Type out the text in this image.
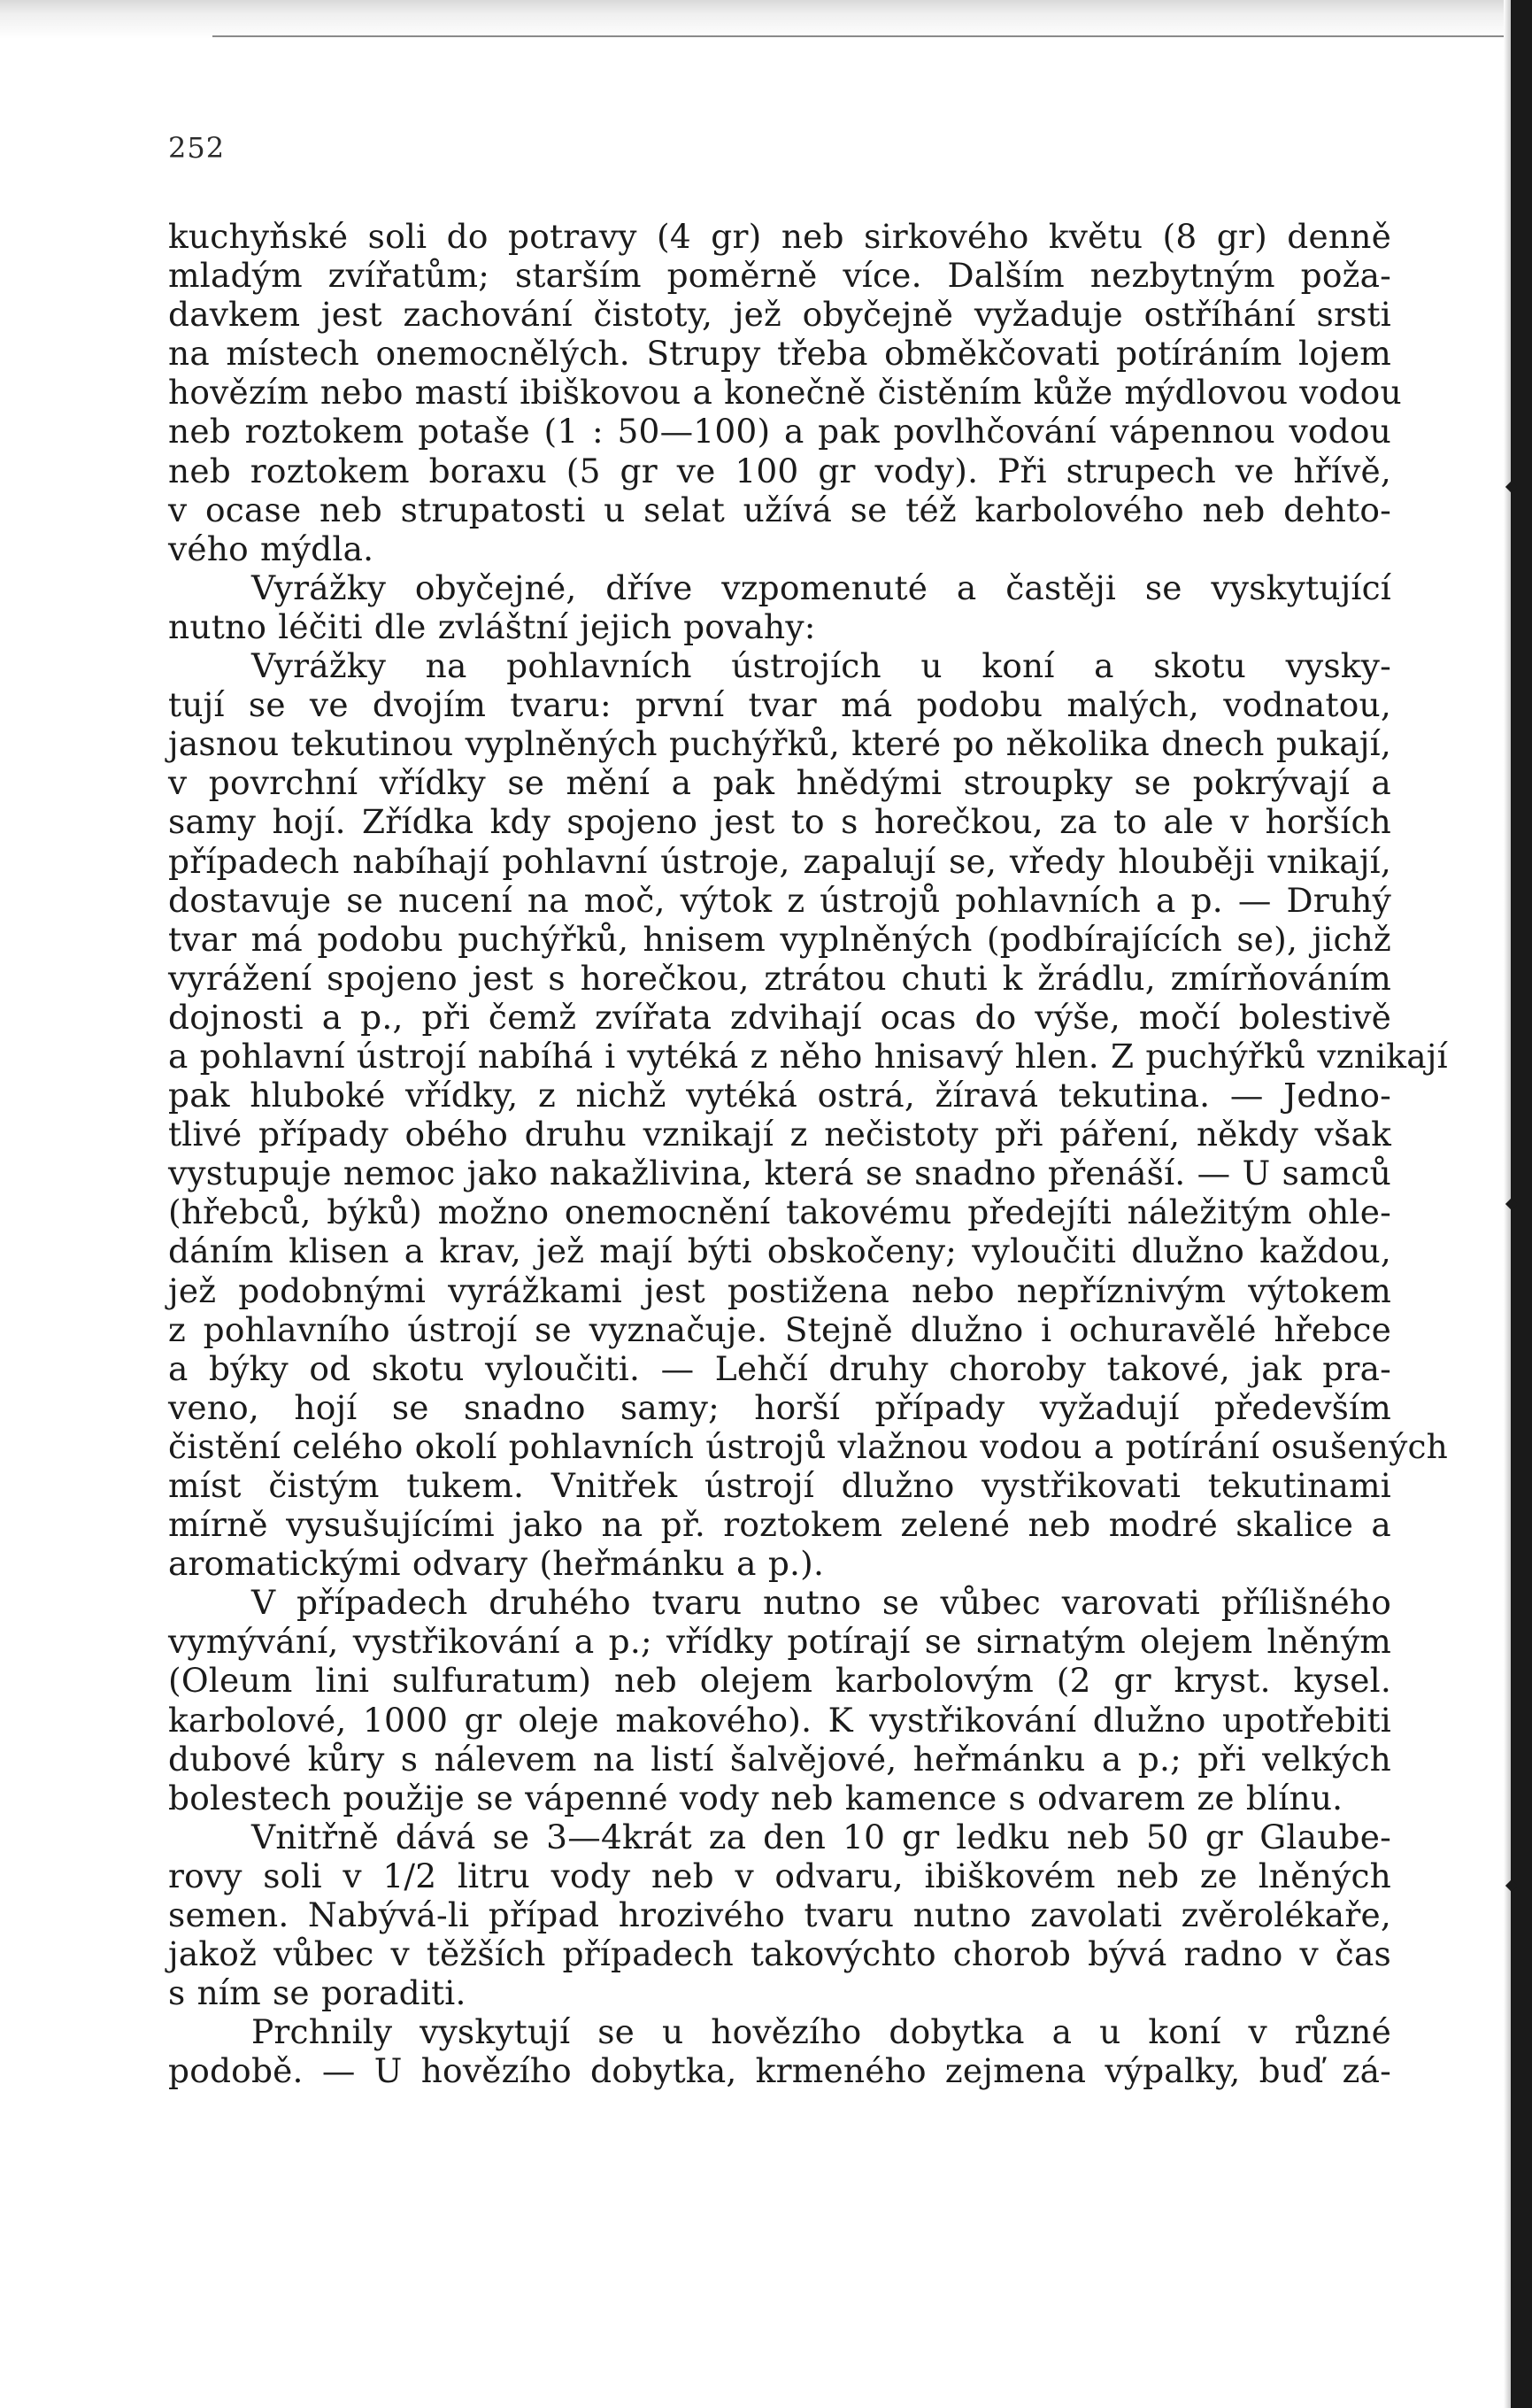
252
kuchyňské soli do potravy (4 gr) neb sirkového květu (8 gr) denně
mladým zvířatům; starším poměrně více. Dalším nezbytným poža-
davkem jest zachování čistoty, jež obyčejně vyžaduje ostříhání srsti
na místech onemocnělých. Strupy třeba obměkčovati potíráním lojem
hovězím nebo mastí ibiškovou a konečně čistěním kůže mýdlovou vodou
neb roztokem potaše (1 : 50—100) a pak povlhčování vápennou vodou
neb roztokem boraxu (5 gr ve 100 gr vody). Při strupech ve hřívě,
v ocase neb strupatosti u selat užívá se též karbolového neb dehto-
vého mýdla.
Vyrážky obyčejné, dříve vzpomenuté a častěji se vyskytující
nutno léčiti dle zvláštní jejich povahy:
Vyrážky na pohlavních ústrojích u koní a skotu vysky-
tují se ve dvojím tvaru: první tvar má podobu malých, vodnatou,
jasnou tekutinou vyplněných puchýřků, které po několika dnech pukají,
v povrchní vřídky se mění a pak hnědými stroupky se pokrývají a
samy hojí. Zřídka kdy spojeno jest to s horečkou, za to ale v horších
případech nabíhají pohlavní ústroje, zapalují se, vředy hlouběji vnikají,
dostavuje se nucení na moč, výtok z ústrojů pohlavních a p. — Druhý
tvar má podobu puchýřků, hnisem vyplněných (podbírajících se), jichž
vyrážení spojeno jest s horečkou, ztrátou chuti k žrádlu, zmírňováním
dojnosti a p., při čemž zvířata zdvihají ocas do výše, močí bolestivě
a pohlavní ústrojí nabíhá i vytéká z něho hnisavý hlen. Z puchýřků vznikají
pak hluboké vřídky, z nichž vytéká ostrá, žíravá tekutina. — Jedno-
tlivé případy obého druhu vznikají z nečistoty při páření, někdy však
vystupuje nemoc jako nakažlivina, která se snadno přenáší. — U samců
(hřebců, býků) možno onemocnění takovému předejíti náležitým ohle-
dáním klisen a krav, jež mají býti obskočeny; vyloučiti dlužno každou,
jež podobnými vyrážkami jest postižena nebo nepříznivým výtokem
z pohlavního ústrojí se vyznačuje. Stejně dlužno i ochuravělé hřebce
a býky od skotu vyloučiti. — Lehčí druhy choroby takové, jak pra-
veno, hojí se snadno samy; horší případy vyžadují především
čistění celého okolí pohlavních ústrojů vlažnou vodou a potírání osušených
míst čistým tukem. Vnitřek ústrojí dlužno vystřikovati tekutinami
mírně vysušujícími jako na př. roztokem zelené neb modré skalice a
aromatickými odvary (heřmánku a p.).
V případech druhého tvaru nutno se vůbec varovati přílišného
vymývání, vystřikování a p.; vřídky potírají se sirnatým olejem lněným
(Oleum lini sulfuratum) neb olejem karbolovým (2 gr kryst. kysel.
karbolové, 1000 gr oleje makového). K vystřikování dlužno upotřebiti
dubové kůry s nálevem na listí šalvějové, heřmánku a p.; při velkých
bolestech použije se vápenné vody neb kamence s odvarem ze blínu.
Vnitřně dává se 3—4krát za den 10 gr ledku neb 50 gr Glaube-
rovy soli v 1/2 litru vody neb v odvaru, ibiškovém neb ze lněných
semen. Nabývá-li případ hrozivého tvaru nutno zavolati zvěrolékaře,
jakož vůbec v těžších případech takovýchto chorob bývá radno v čas
s ním se poraditi.
Prchnily vyskytují se u hovězího dobytka a u koní v různé
podobě. — U hovězího dobytka, krmeného zejmena výpalky, buď zá-
